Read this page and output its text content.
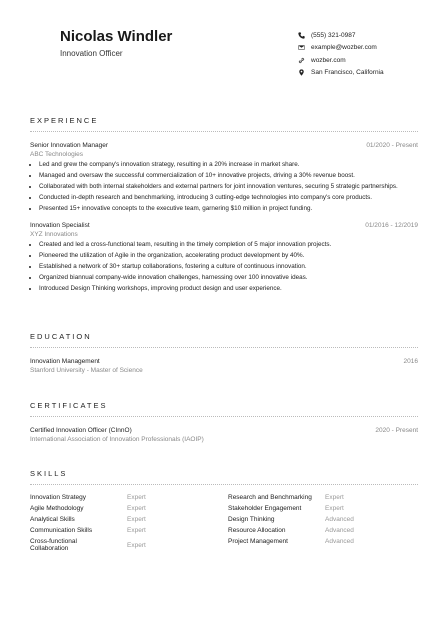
Nicolas Windler
Innovation Officer
(555) 321-0987
example@wozber.com
wozber.com
San Francisco, California
EXPERIENCE
Senior Innovation Manager	01/2020 - Present
ABC Technologies
• Led and grew the company's innovation strategy, resulting in a 20% increase in market share.
• Managed and oversaw the successful commercialization of 10+ innovative projects, driving a 30% revenue boost.
• Collaborated with both internal stakeholders and external partners for joint innovation ventures, securing 5 strategic partnerships.
• Conducted in-depth research and benchmarking, introducing 3 cutting-edge technologies into company's core products.
• Presented 15+ innovative concepts to the executive team, garnering $10 million in project funding.
Innovation Specialist	01/2016 - 12/2019
XYZ Innovations
• Created and led a cross-functional team, resulting in the timely completion of 5 major innovation projects.
• Pioneered the utilization of Agile in the organization, accelerating product development by 40%.
• Established a network of 30+ startup collaborations, fostering a culture of continuous innovation.
• Organized biannual company-wide innovation challenges, harnessing over 100 innovative ideas.
• Introduced Design Thinking workshops, improving product design and user experience.
EDUCATION
Innovation Management	2016
Stanford University - Master of Science
CERTIFICATES
Certified Innovation Officer (CInnO)	2020 - Present
International Association of Innovation Professionals (IAOIP)
SKILLS
Innovation Strategy	Expert	Research and Benchmarking	Expert
Agile Methodology	Expert	Stakeholder Engagement	Expert
Analytical Skills	Expert	Design Thinking	Advanced
Communication Skills	Expert	Resource Allocation	Advanced
Cross-functional Collaboration	Expert	Project Management	Advanced
